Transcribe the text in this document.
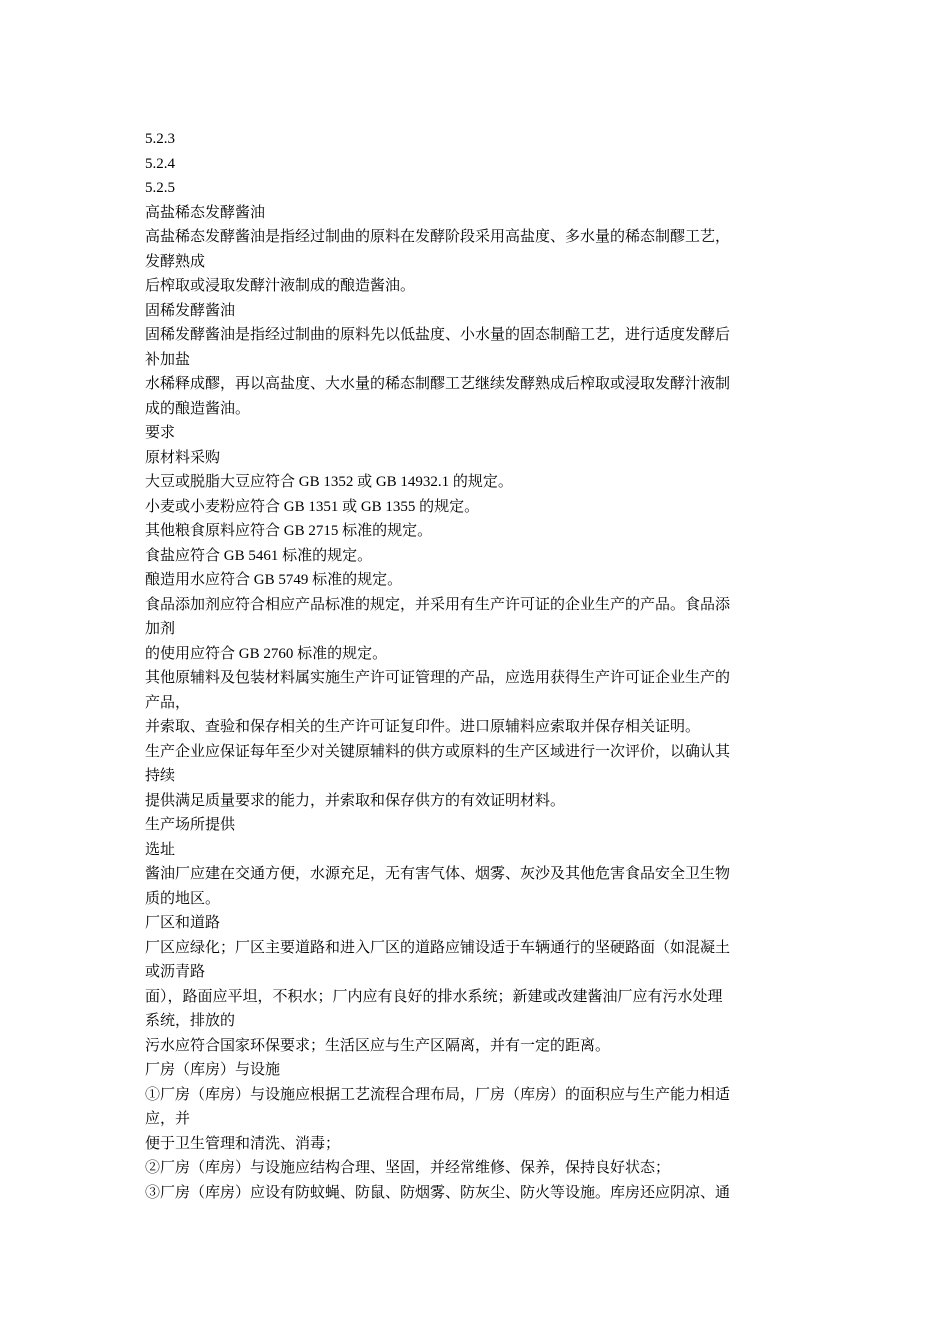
5.2.3
5.2.4
5.2.5
高盐稀态发酵酱油
高盐稀态发酵酱油是指经过制曲的原料在发酵阶段采用高盐度、多水量的稀态制醪工艺，
发酵熟成
后榨取或浸取发酵汁液制成的酿造酱油。
固稀发酵酱油
固稀发酵酱油是指经过制曲的原料先以低盐度、小水量的固态制醅工艺，进行适度发酵后
补加盐
水稀释成醪，再以高盐度、大水量的稀态制醪工艺继续发酵熟成后榨取或浸取发酵汁液制
成的酿造酱油。
要求
原材料采购
大豆或脱脂大豆应符合 GB 1352 或 GB 14932.1 的规定。
小麦或小麦粉应符合 GB 1351 或 GB 1355 的规定。
其他粮食原料应符合 GB 2715 标准的规定。
食盐应符合 GB 5461 标准的规定。
酿造用水应符合 GB 5749 标准的规定。
食品添加剂应符合相应产品标准的规定，并采用有生产许可证的企业生产的产品。食品添
加剂
的使用应符合 GB 2760 标准的规定。
其他原辅料及包装材料属实施生产许可证管理的产品，应选用获得生产许可证企业生产的
产品，
并索取、查验和保存相关的生产许可证复印件。进口原辅料应索取并保存相关证明。
生产企业应保证每年至少对关键原辅料的供方或原料的生产区域进行一次评价，以确认其
持续
提供满足质量要求的能力，并索取和保存供方的有效证明材料。
生产场所提供
选址
酱油厂应建在交通方便，水源充足，无有害气体、烟雾、灰沙及其他危害食品安全卫生物
质的地区。
厂区和道路
厂区应绿化；厂区主要道路和进入厂区的道路应铺设适于车辆通行的坚硬路面（如混凝土
或沥青路
面），路面应平坦，不积水；厂内应有良好的排水系统；新建或改建酱油厂应有污水处理
系统，排放的
污水应符合国家环保要求；生活区应与生产区隔离，并有一定的距离。
厂房（库房）与设施
①厂房（库房）与设施应根据工艺流程合理布局，厂房（库房）的面积应与生产能力相适
应，并
便于卫生管理和清洗、消毒；
②厂房（库房）与设施应结构合理、坚固，并经常维修、保养，保持良好状态；
③厂房（库房）应设有防蚊蝇、防鼠、防烟雾、防灰尘、防火等设施。库房还应阴凉、通
